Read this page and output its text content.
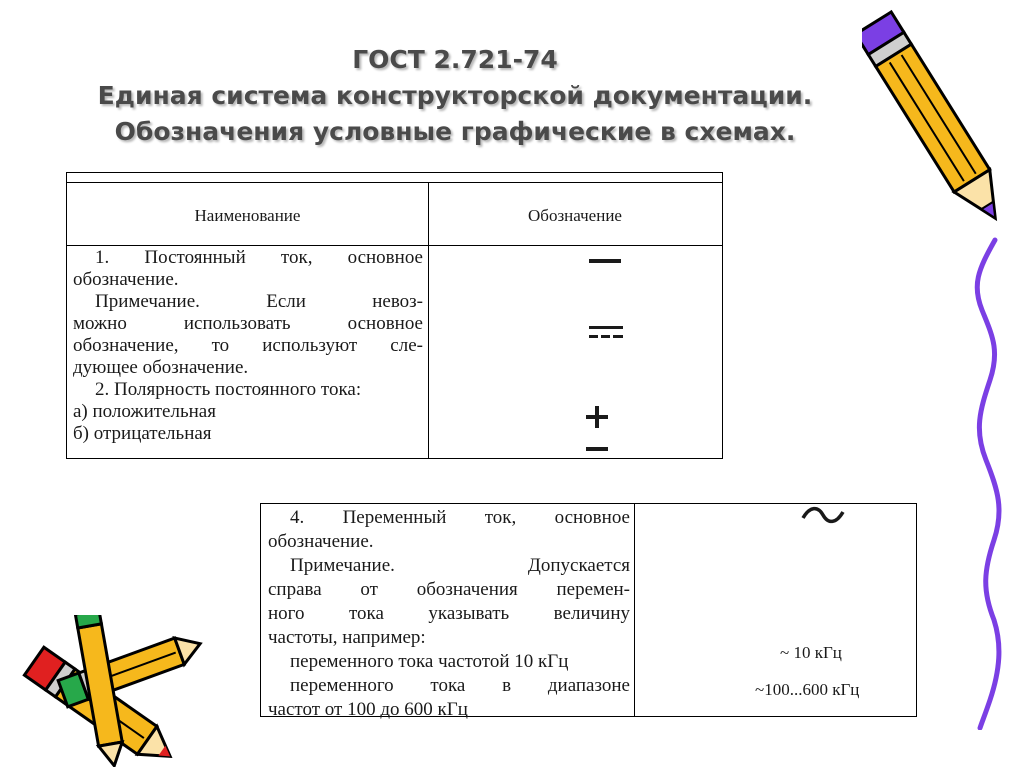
ГОСТ 2.721-74
Единая система конструкторской документации.
Обозначения условные графические в схемах.
Наименование	Обозначение
1. Постоянный ток, основное
обозначение.
Примечание. Если невоз-
можно использовать основное
обозначение, то используют сле-
дующее обозначение.
2. Полярность постоянного тока:
а) положительная
б) отрицательная
4. Переменный ток, основное
обозначение.
Примечание. Допускается
справа от обозначения перемен-
ного тока указывать величину
частоты, например:
переменного тока частотой 10 кГц
переменного тока в диапазоне
частот от 100 до 600 кГц
~ 10 кГц
~100...600 кГц
